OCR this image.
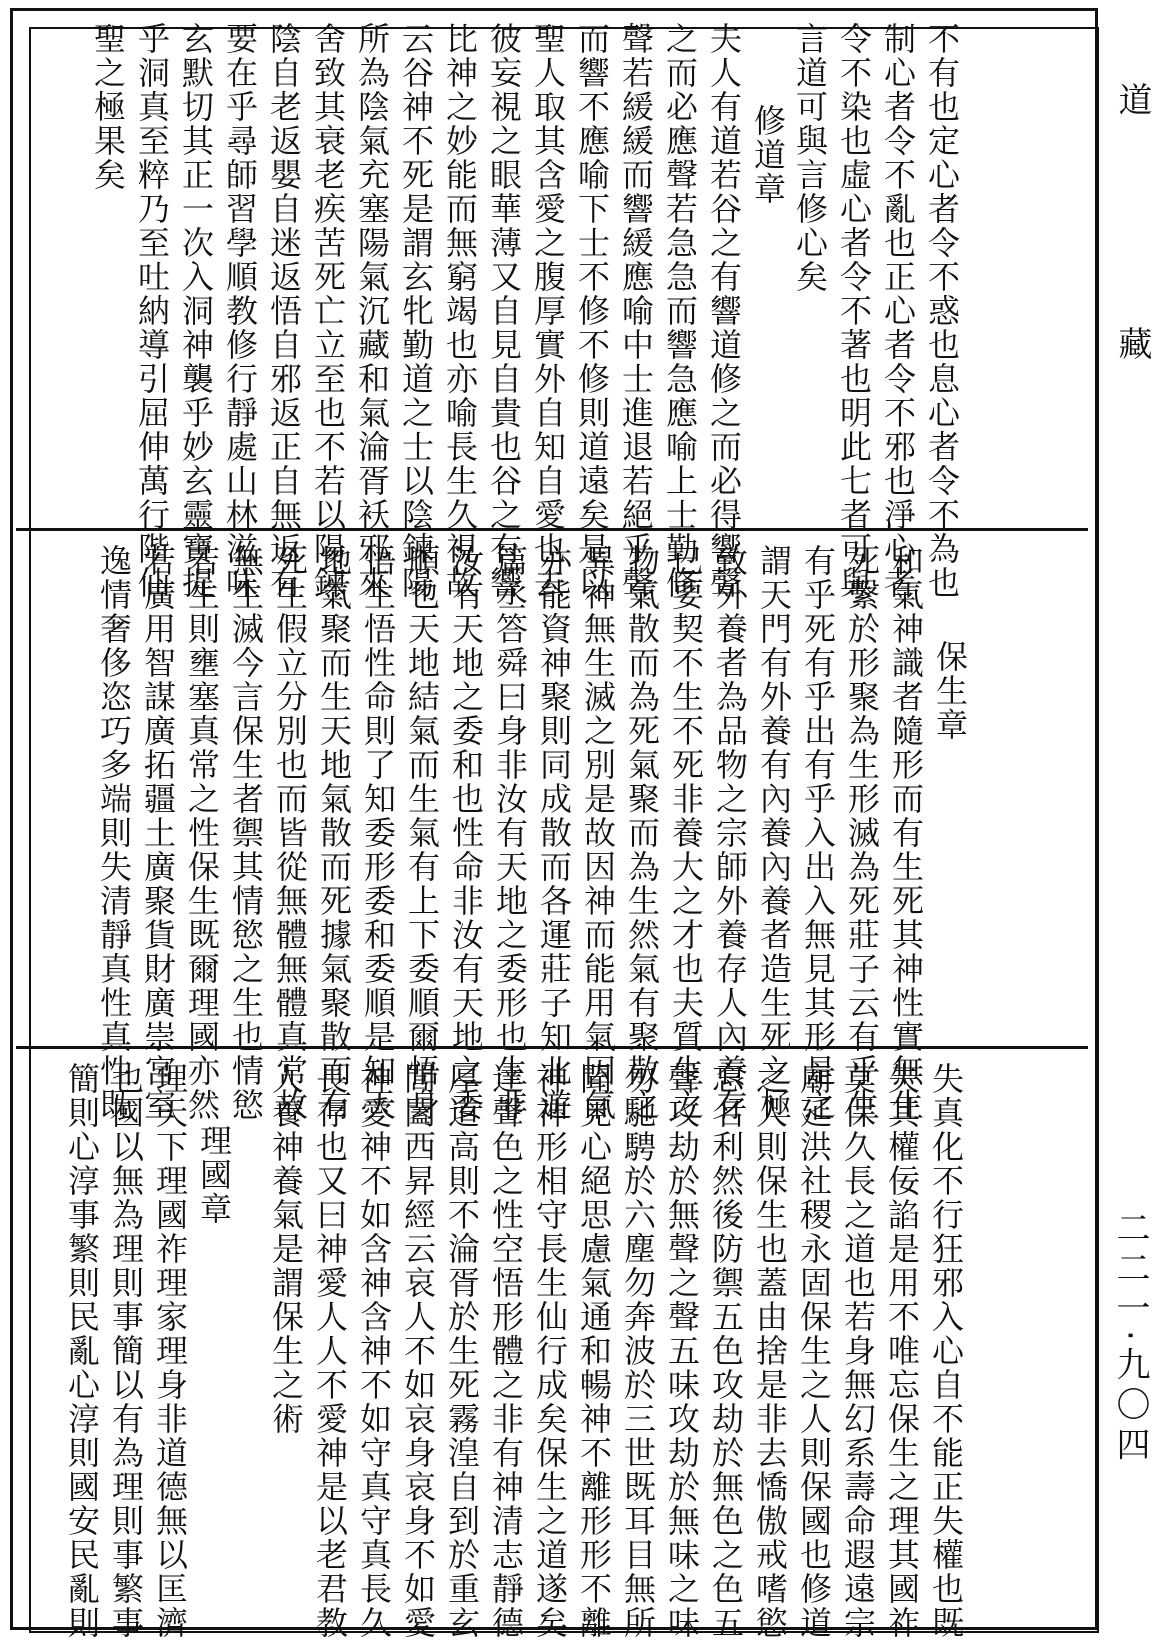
道藏
二二一·九〇四
不有也定心者令不惑也息心者令不為也
制心者令不亂也正心者令不邪也淨心者
令不染也虛心者令不著也明此七者可與
言道可與言修心矣
修道章
夫人有道若谷之有響道修之而必得響聲
之而必應聲若急急而響急應喻上士勤修
聲若緩緩而響緩應喻中士進退若絕乎聲
而響不應喻下士不修不修則道遠矣是以
聖人取其含愛之腹厚實外自知自愛也去
彼妄視之眼華薄又自見自貴也谷之有響
比神之妙能而無窮竭也亦喻長生久視故
云谷神不死是謂玄牝勤道之士以陰鍊陽
所為陰氣充塞陽氣沉藏和氣淪胥袄邪來
舍致其衰老疾苦死亡立至也不若以陽鍊
陰自老返嬰自迷返悟自邪返正自無返有
要在乎尋師習學順教修行靜處山林滋味
玄默切其正一次入洞神襲乎妙玄靈寶提
乎洞真至粹乃至吐納導引屈伸萬行階仙
聖之極果矣
保生章
和氣神識者隨形而有生死其神性實無生
死繫於形聚為生形滅為死莊子云有乎生
有乎死有乎出有乎入出入無見其形是之
謂天門有外養有內養內養者造生死之極
致外養者為品物之宗師外養存人內養存
已要契不生不死非養大之才也夫質生之
物氣散而為死氣聚而為生然氣有聚散之
異神無生滅之別是故因神而能用氣因氣
亦能資神聚則同成散而各運莊子知北遊
篇丞答舜曰身非汝有天地之委形也生非
汝有天地之委和也性命非汝有天地之委
順也天地結氣而生氣有上下委順爾悟身
悟生悟性命則了知委形委和委順是知天
地氣聚而生天地氣散而死據氣聚散而有
死生假立分別也而皆從無體無體真常故
無生滅今言保生者禦其情慾之生也情慾
若生則壅塞真常之性保生既爾理國亦然
若廣用智謀廣拓疆土廣聚貨財廣崇宮室
逸情奢侈恣巧多端則失清靜真性真性既
失真化不行狂邪入心自不能正失權也既
失其權佞諂是用不唯忘保生之理其國祚
莫保久長之道也若身無幻系壽命遐遠宗
廟延洪社稷永固保生之人則保國也修道
之人則保生也蓋由捨是非去憍傲戒嗜慾
忘名利然後防禦五色攻劫於無色之色五
聲攻劫於無聲之聲五味攻劫於無味之味
勿馳騁於六塵勿奔波於三世既耳目無所
聞見心絕思慮氣通和暢神不離形形不離
神神形相守長生仙行成矣保生之道遂矣
達聲色之性空悟形體之非有神清志靜德
厚道高則不淪胥於生死霧湟自到於重玄
閭闔西昇經云哀人不如哀身哀身不如愛
神愛神不如含神含神不如守真守真長久
長存也又曰神愛人人不愛神是以老君教
人養神養氣是謂保生之術
理國章
理天下理國祚理家理身非道德無以匡濟
也國以無為理則事簡以有為理則事繁事
簡則心淳事繁則民亂心淳則國安民亂則
